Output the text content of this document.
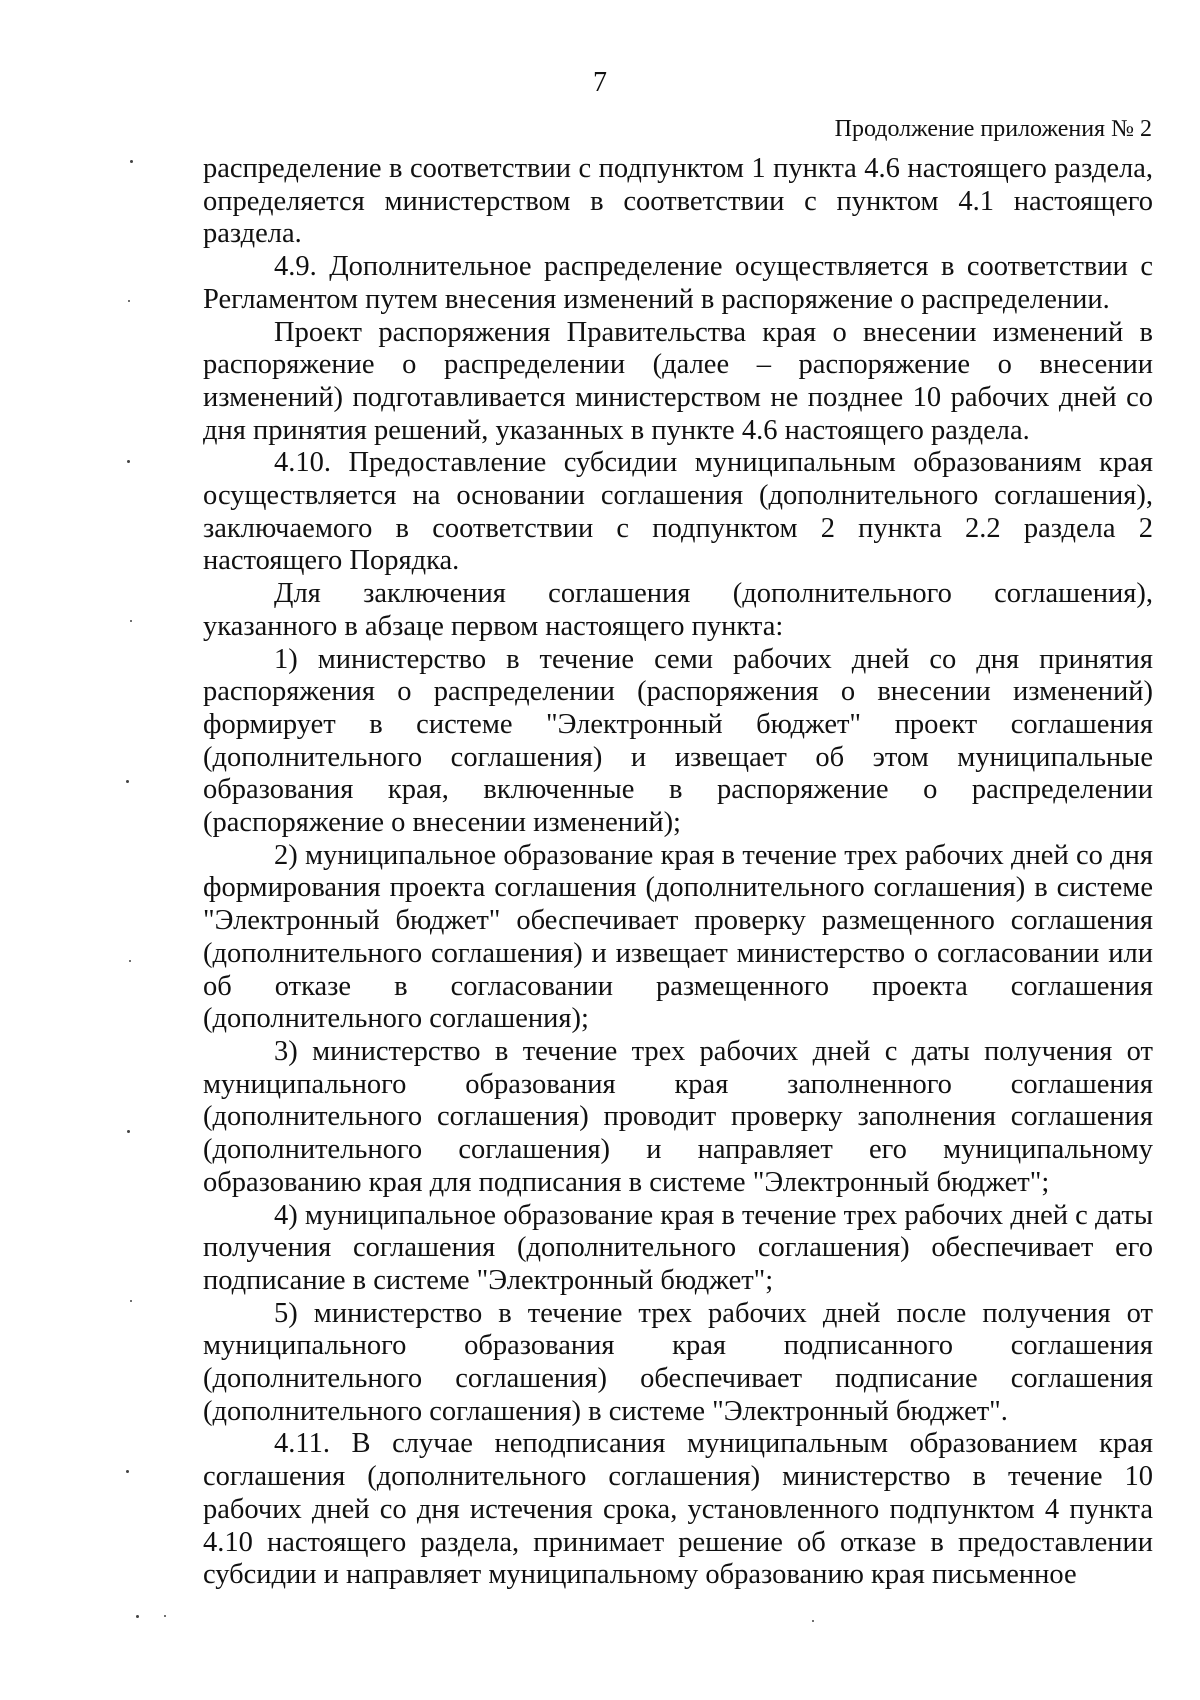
7
Продолжение приложения № 2

распределение в соответствии с подпунктом 1 пункта 4.6 настоящего раздела, определяется министерством в соответствии с пунктом 4.1 настоящего раздела.

4.9. Дополнительное распределение осуществляется в соответствии с Регламентом путем внесения изменений в распоряжение о распределении.

Проект распоряжения Правительства края о внесении изменений в распоряжение о распределении (далее – распоряжение о внесении изменений) подготавливается министерством не позднее 10 рабочих дней со дня принятия решений, указанных в пункте 4.6 настоящего раздела.

4.10. Предоставление субсидии муниципальным образованиям края осуществляется на основании соглашения (дополнительного соглашения), заключаемого в соответствии с подпунктом 2 пункта 2.2 раздела 2 настоящего Порядка.

Для заключения соглашения (дополнительного соглашения), указанного в абзаце первом настоящего пункта:

1) министерство в течение семи рабочих дней со дня принятия распоряжения о распределении (распоряжения о внесении изменений) формирует в системе "Электронный бюджет" проект соглашения (дополнительного соглашения) и извещает об этом муниципальные образования края, включенные в распоряжение о распределении (распоряжение о внесении изменений);

2) муниципальное образование края в течение трех рабочих дней со дня формирования проекта соглашения (дополнительного соглашения) в системе "Электронный бюджет" обеспечивает проверку размещенного соглашения (дополнительного соглашения) и извещает министерство о согласовании или об отказе в согласовании размещенного проекта соглашения (дополнительного соглашения);

3) министерство в течение трех рабочих дней с даты получения от муниципального образования края заполненного соглашения (дополнительного соглашения) проводит проверку заполнения соглашения (дополнительного соглашения) и направляет его муниципальному образованию края для подписания в системе "Электронный бюджет";

4) муниципальное образование края в течение трех рабочих дней с даты получения соглашения (дополнительного соглашения) обеспечивает его подписание в системе "Электронный бюджет";

5) министерство в течение трех рабочих дней после получения от муниципального образования края подписанного соглашения (дополнительного соглашения) обеспечивает подписание соглашения (дополнительного соглашения) в системе "Электронный бюджет".

4.11. В случае неподписания муниципальным образованием края соглашения (дополнительного соглашения) министерство в течение 10 рабочих дней со дня истечения срока, установленного подпунктом 4 пункта 4.10 настоящего раздела, принимает решение об отказе в предоставлении субсидии и направляет муниципальному образованию края письменное
